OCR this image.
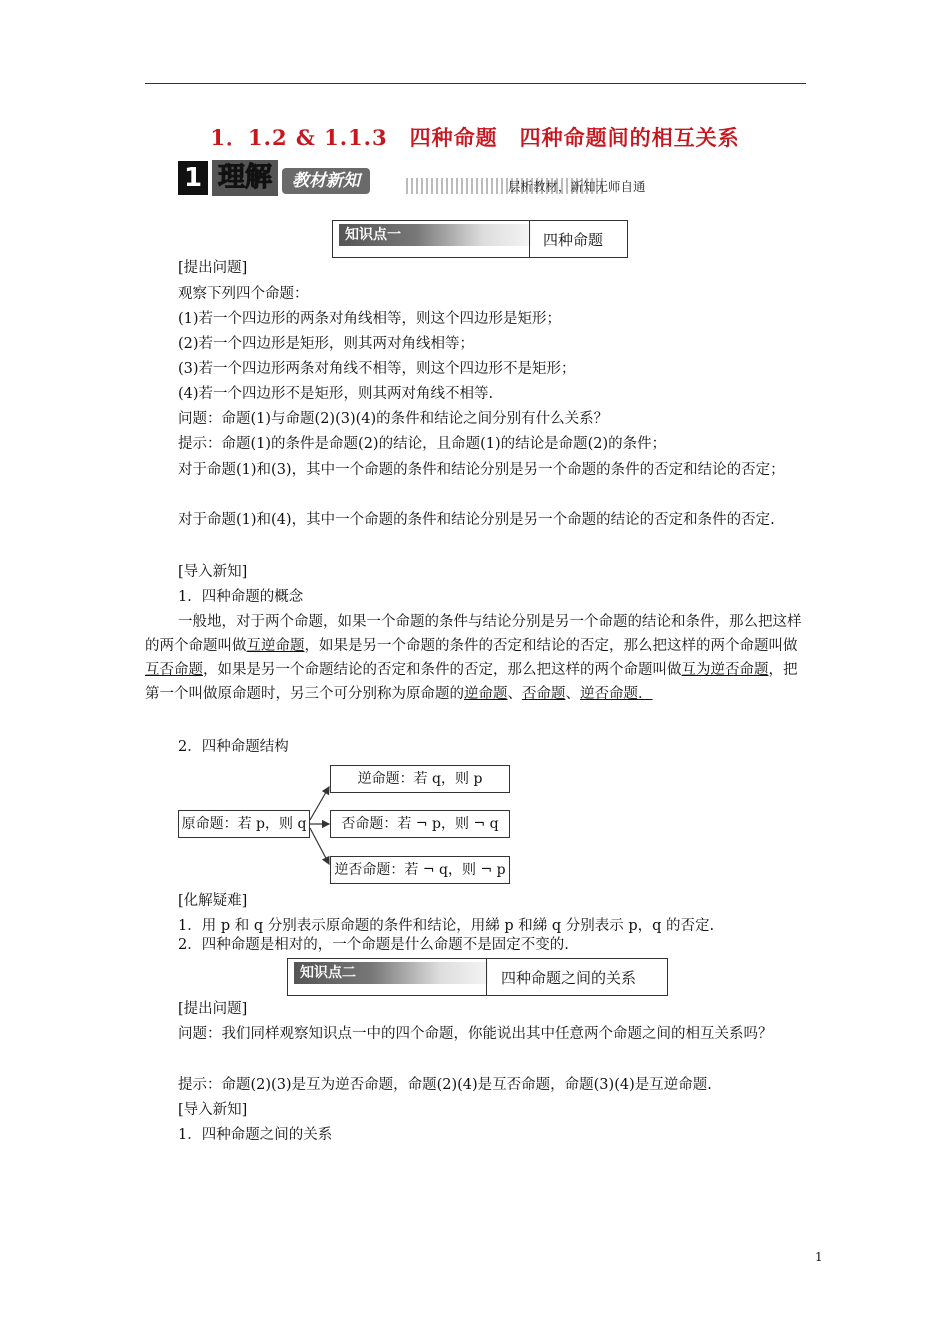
1．1.2 & 1.1.3　四种命题　四种命题间的相互关系
1 理解	教材新知	层析教材，新知无师自通
知识点一	四种命题
[提出问题]
观察下列四个命题：
(1)若一个四边形的两条对角线相等，则这个四边形是矩形；
(2)若一个四边形是矩形，则其两对角线相等；
(3)若一个四边形两条对角线不相等，则这个四边形不是矩形；
(4)若一个四边形不是矩形，则其两对角线不相等.
问题：命题(1)与命题(2)(3)(4)的条件和结论之间分别有什么关系？
提示：命题(1)的条件是命题(2)的结论，且命题(1)的结论是命题(2)的条件；
对于命题(1)和(3)，其中一个命题的条件和结论分别是另一个命题的条件的否定和结论的否定；
对于命题(1)和(4)，其中一个命题的条件和结论分别是另一个命题的结论的否定和条件的否定.
[导入新知]
1．四种命题的概念
一般地，对于两个命题，如果一个命题的条件与结论分别是另一个命题的结论和条件，那么把这样的两个命题叫做互逆命题，如果是另一个命题的条件的否定和结论的否定，那么把这样的两个命题叫做互否命题，如果是另一个命题结论的否定和条件的否定，那么把这样的两个命题叫做互为逆否命题，把第一个叫做原命题时，另三个可分别称为原命题的逆命题、否命题、逆否命题．
2．四种命题结构
原命题：若 p，则 q
逆命题：若 q，则 p
否命题：若 ¬ p，则 ¬ q
逆否命题：若 ¬ q，则 ¬ p
[化解疑难]
1．用 p 和 q 分别表示原命题的条件和结论，用綈 p 和綈 q 分别表示 p，q 的否定.
2．四种命题是相对的，一个命题是什么命题不是固定不变的.
知识点二	四种命题之间的关系
[提出问题]
问题：我们同样观察知识点一中的四个命题，你能说出其中任意两个命题之间的相互关系吗？
提示：命题(2)(3)是互为逆否命题，命题(2)(4)是互否命题，命题(3)(4)是互逆命题.
[导入新知]
1．四种命题之间的关系
1
